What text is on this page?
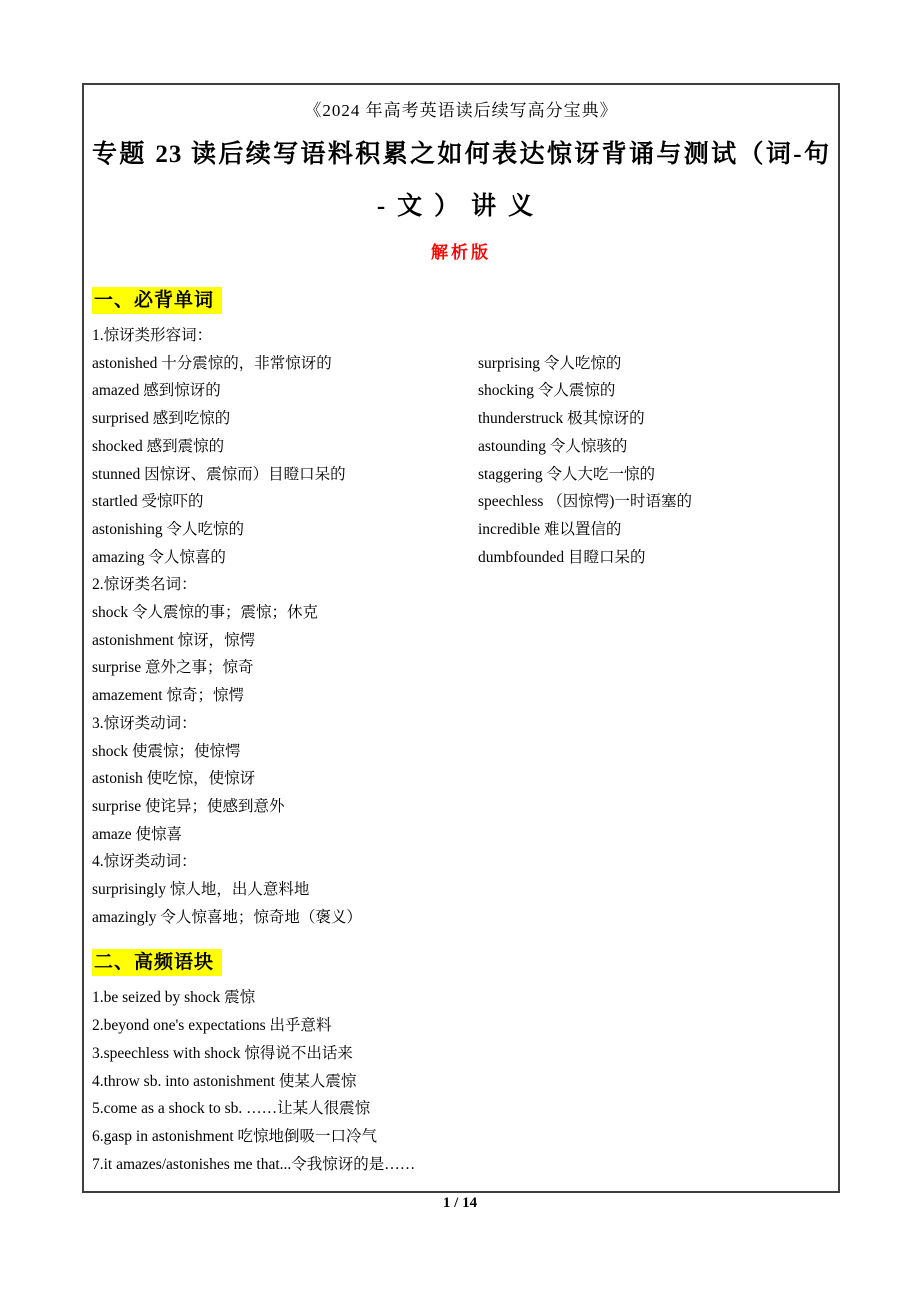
《2024 年高考英语读后续写高分宝典》
专题 23 读后续写语料积累之如何表达惊讶背诵与测试（词-句
-文）讲义
解析版
一、必背单词
1.惊讶类形容词：
astonished 十分震惊的，非常惊讶的	surprising 令人吃惊的
amazed 感到惊讶的	shocking 令人震惊的
surprised 感到吃惊的	thunderstruck 极其惊讶的
shocked 感到震惊的	astounding 令人惊骇的
stunned 因惊讶、震惊而）目瞪口呆的	staggering 令人大吃一惊的
startled 受惊吓的	speechless （因惊愕)一时语塞的
astonishing 令人吃惊的	incredible 难以置信的
amazing 令人惊喜的	dumbfounded 目瞪口呆的
2.惊讶类名词：
shock 令人震惊的事；震惊；休克
astonishment 惊讶，惊愕
surprise 意外之事；惊奇
amazement 惊奇；惊愕
3.惊讶类动词：
shock 使震惊；使惊愕
astonish 使吃惊，使惊讶
surprise 使诧异；使感到意外
amaze 使惊喜
4.惊讶类动词：
surprisingly 惊人地，出人意料地
amazingly 令人惊喜地；惊奇地（褒义）
二、高频语块
1.be seized by shock 震惊
2.beyond one's expectations 出乎意料
3.speechless with shock 惊得说不出话来
4.throw sb. into astonishment 使某人震惊
5.come as a shock to sb. ……让某人很震惊
6.gasp in astonishment 吃惊地倒吸一口冷气
7.it amazes/astonishes me that...令我惊讶的是……
1 / 14
